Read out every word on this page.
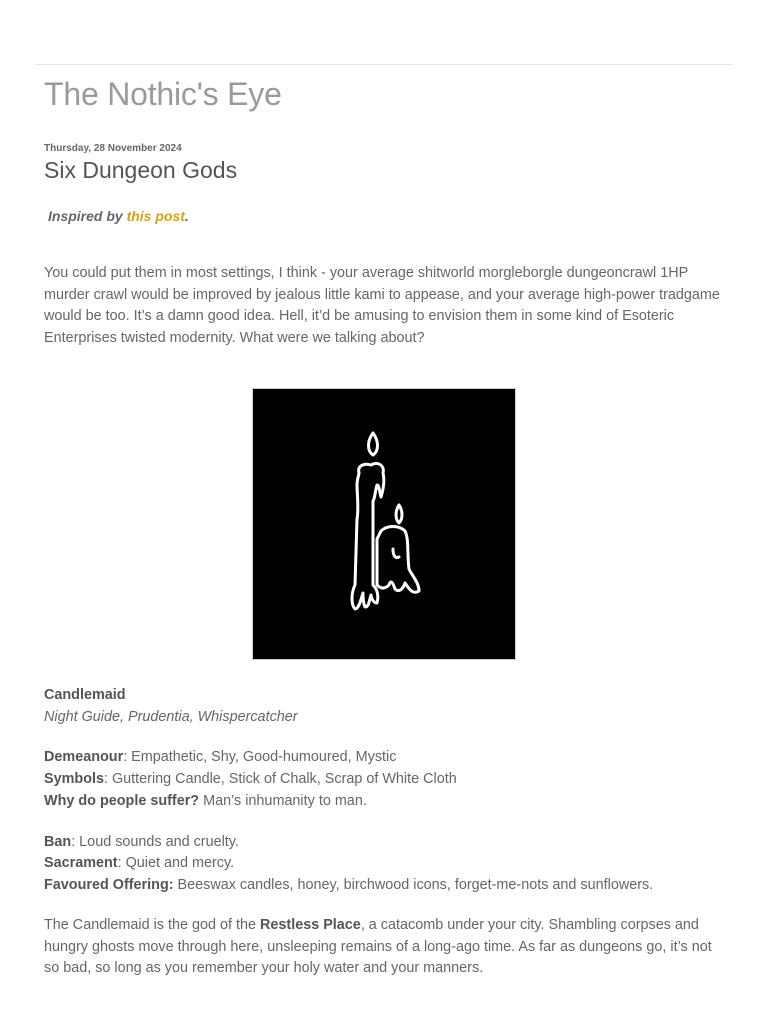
The Nothic's Eye
Thursday, 28 November 2024
Six Dungeon Gods
Inspired by this post.

You could put them in most settings, I think - your average shitworld morgleborgle dungeoncrawl 1HP murder crawl would be improved by jealous little kami to appease, and your average high-power tradgame would be too. It’s a damn good idea. Hell, it’d be amusing to envision them in some kind of Esoteric Enterprises twisted modernity. What were we talking about?

Candlemaid
Night Guide, Prudentia, Whispercatcher
Demeanour: Empathetic, Shy, Good-humoured, Mystic
Symbols: Guttering Candle, Stick of Chalk, Scrap of White Cloth
Why do people suffer? Man’s inhumanity to man.
Ban: Loud sounds and cruelty.
Sacrament: Quiet and mercy.
Favoured Offering: Beeswax candles, honey, birchwood icons, forget-me-nots and sunflowers.

The Candlemaid is the god of the Restless Place, a catacomb under your city. Shambling corpses and hungry ghosts move through here, unsleeping remains of a long-ago time. As far as dungeons go, it’s not so bad, so long as you remember your holy water and your manners.
